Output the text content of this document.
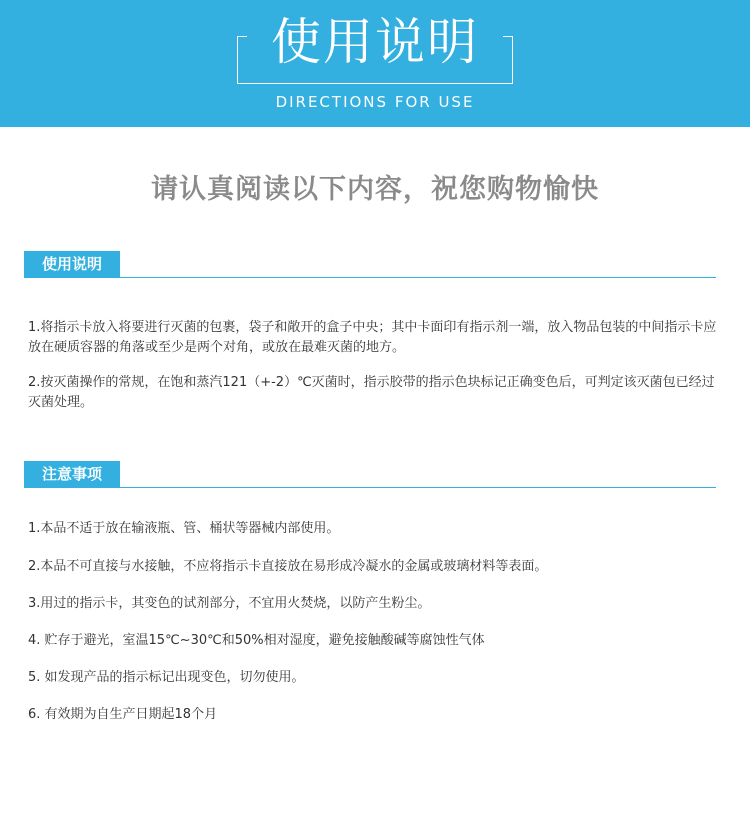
使用说明
DIRECTIONS FOR USE
请认真阅读以下内容，祝您购物愉快
使用说明
1.将指示卡放入将要进行灭菌的包裹，袋子和敞开的盒子中央；其中卡面印有指示剂一端，放入物品包装的中间指示卡应放在硬质容器的角落或至少是两个对角，或放在最难灭菌的地方。
2.按灭菌操作的常规，在饱和蒸汽121（+-2）℃灭菌时，指示胶带的指示色块标记正确变色后，可判定该灭菌包已经过灭菌处理。
注意事项
1.本品不适于放在输液瓶、管、桶状等器械内部使用。
2.本品不可直接与水接触，不应将指示卡直接放在易形成冷凝水的金属或玻璃材料等表面。
3.用过的指示卡，其变色的试剂部分，不宜用火焚烧，以防产生粉尘。
4. 贮存于避光，室温15℃~30℃和50%相对湿度，避免接触酸碱等腐蚀性气体
5. 如发现产品的指示标记出现变色，切勿使用。
6. 有效期为自生产日期起18个月
